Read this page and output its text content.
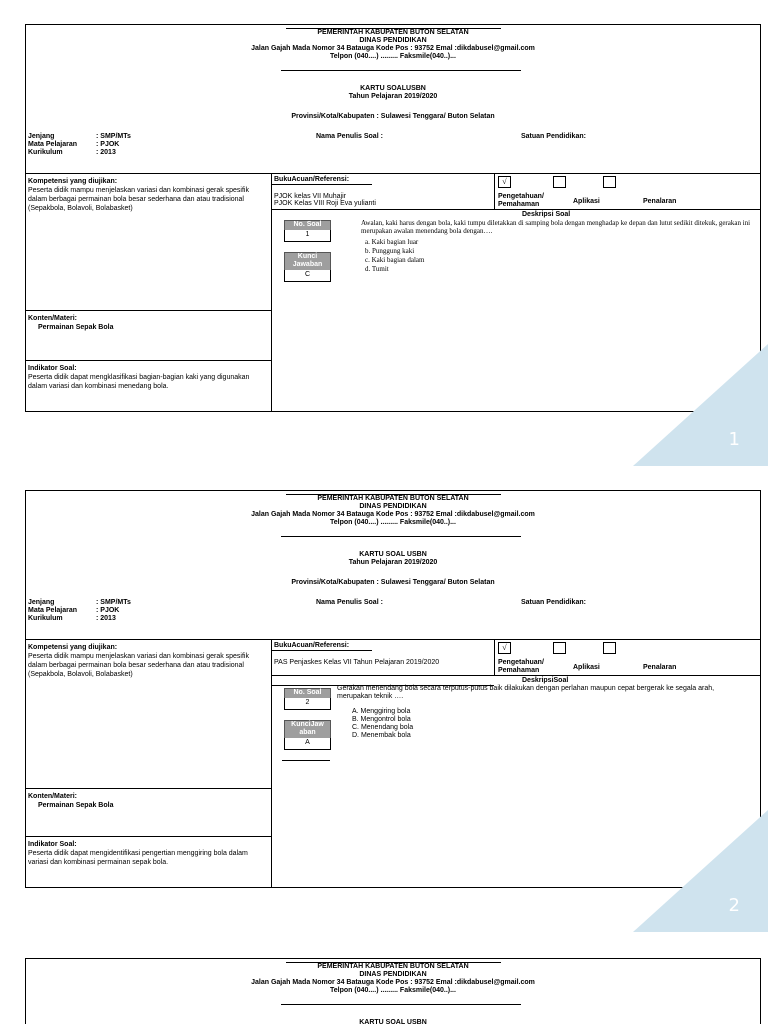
PEMERINTAH KABUPATEN BUTON SELATAN
DINAS PENDIDIKAN
Jalan Gajah Mada Nomor 34 Batauga Kode Pos : 93752 Emal :dikdabusel@gmail.com
Telpon (040....) ......... Faksmile(040..)...
KARTU SOALUSBN
Tahun Pelajaran 2019/2020
Provinsi/Kota/Kabupaten : Sulawesi Tenggara/ Buton Selatan
Nama Penulis Soal :	Satuan Pendidikan:
Jenjang	: SMP/MTs
Mata Pelajaran	: PJOK
Kurikulum	: 2013
Kompetensi yang diujikan:
Peserta didik mampu menjelaskan variasi dan kombinasi gerak spesifik dalam berbagai permainan bola besar sederhana dan atau tradisional (Sepakbola, Bolavoli, Bolabasket)
Konten/Materi:
Permainan Sepak Bola
Indikator Soal:
Peserta didik dapat mengklasifikasi bagian-bagian kaki yang digunakan dalam variasi dan kombinasi menedang bola.
BukuAcuan/Referensi:
PJOK kelas VII Muhajir
PJOK Kelas VIII Roji Eva yulianti
√
Pengetahuan/ Pemahaman	Aplikasi	Penalaran
Deskripsi Soal
No. Soal
1
Kunci Jawaban
C
Awalan, kaki harus dengan bola, kaki tumpu diletakkan di samping bola dengan menghadap ke depan dan lutut sedikit ditekuk, gerakan ini merupakan awalan menendang bola dengan….
a. Kaki bagian luar
b. Punggung kaki
c. Kaki bagian dalam
d. Tumit
1
PEMERINTAH KABUPATEN BUTON SELATAN
DINAS PENDIDIKAN
Jalan Gajah Mada Nomor 34 Batauga Kode Pos : 93752 Emal :dikdabusel@gmail.com
Telpon (040....) ......... Faksmile(040..)...
KARTU SOAL USBN
Tahun Pelajaran 2019/2020
Provinsi/Kota/Kabupaten : Sulawesi Tenggara/ Buton Selatan
Nama Penulis Soal :	Satuan Pendidikan:
Jenjang	: SMP/MTs
Mata Pelajaran	: PJOK
Kurikulum	: 2013
Kompetensi yang diujikan:
Peserta didik mampu menjelaskan variasi dan kombinasi gerak spesifik dalam berbagai permainan bola besar sederhana dan atau tradisional (Sepakbola, Bolavoli, Bolabasket)
Konten/Materi:
Permainan Sepak Bola
Indikator Soal:
Peserta didik dapat mengidentifikasi pengertian menggiring bola dalam variasi dan kombinasi permainan sepak bola.
BukuAcuan/Referensi:
PAS Penjaskes Kelas VII Tahun Pelajaran 2019/2020
√
Pengetahuan/ Pemahaman	Aplikasi	Penalaran
DeskripsiSoal
No. Soal
2
KunciJaw aban
A
Gerakan menendang bola secara terputus-putus baik dilakukan dengan perlahan maupun cepat bergerak ke segala arah, merupakan teknik ….
A. Menggiring bola
B. Mengontrol bola
C. Menendang bola
D. Menembak bola
2
PEMERINTAH KABUPATEN BUTON SELATAN
DINAS PENDIDIKAN
Jalan Gajah Mada Nomor 34 Batauga Kode Pos : 93752 Emal :dikdabusel@gmail.com
Telpon (040....) ......... Faksmile(040..)...
KARTU SOAL USBN
